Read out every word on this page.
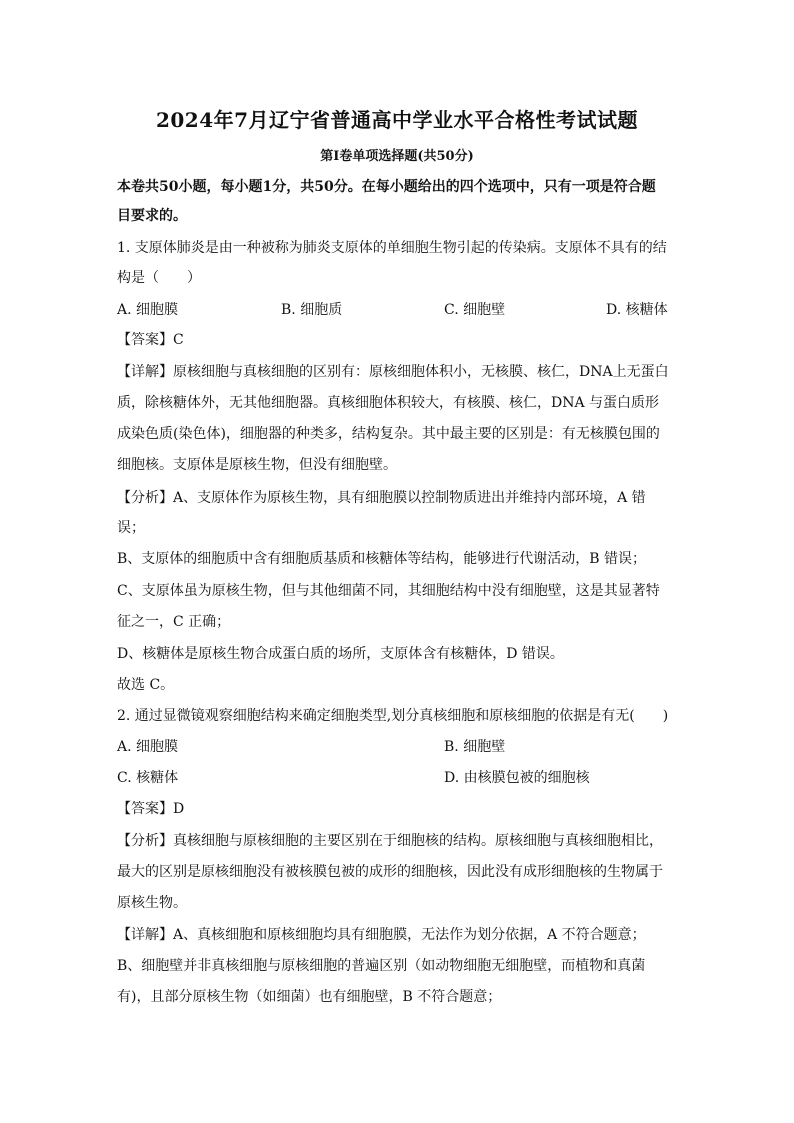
2024年7月辽宁省普通高中学业水平合格性考试试题
第Ⅰ卷单项选择题(共50分)
本卷共50小题，每小题1分，共50分。在每小题给出的四个选项中，只有一项是符合题
目要求的。
1. 支原体肺炎是由一种被称为肺炎支原体的单细胞生物引起的传染病。支原体不具有的结
构是（　　）
A. 细胞膜	B. 细胞质	C. 细胞壁	D. 核糖体
【答案】C
【详解】原核细胞与真核细胞的区别有：原核细胞体积小，无核膜、核仁，DNA上无蛋白
质，除核糖体外，无其他细胞器。真核细胞体积较大，有核膜、核仁，DNA 与蛋白质形
成染色质(染色体)，细胞器的种类多，结构复杂。其中最主要的区别是：有无核膜包围的
细胞核。支原体是原核生物，但没有细胞壁。
【分析】A、支原体作为原核生物，具有细胞膜以控制物质进出并维持内部环境，A 错
误；
B、支原体的细胞质中含有细胞质基质和核糖体等结构，能够进行代谢活动，B 错误；
C、支原体虽为原核生物，但与其他细菌不同，其细胞结构中没有细胞壁，这是其显著特
征之一，C 正确；
D、核糖体是原核生物合成蛋白质的场所，支原体含有核糖体，D 错误。
故选 C。
2. 通过显微镜观察细胞结构来确定细胞类型,划分真核细胞和原核细胞的依据是有无(　　)
A. 细胞膜	B. 细胞壁
C. 核糖体	D. 由核膜包被的细胞核
【答案】D
【分析】真核细胞与原核细胞的主要区别在于细胞核的结构。原核细胞与真核细胞相比，
最大的区别是原核细胞没有被核膜包被的成形的细胞核，因此没有成形细胞核的生物属于
原核生物。
【详解】A、真核细胞和原核细胞均具有细胞膜，无法作为划分依据，A 不符合题意；
B、细胞壁并非真核细胞与原核细胞的普遍区别（如动物细胞无细胞壁，而植物和真菌
有)，且部分原核生物（如细菌）也有细胞壁，B 不符合题意；
